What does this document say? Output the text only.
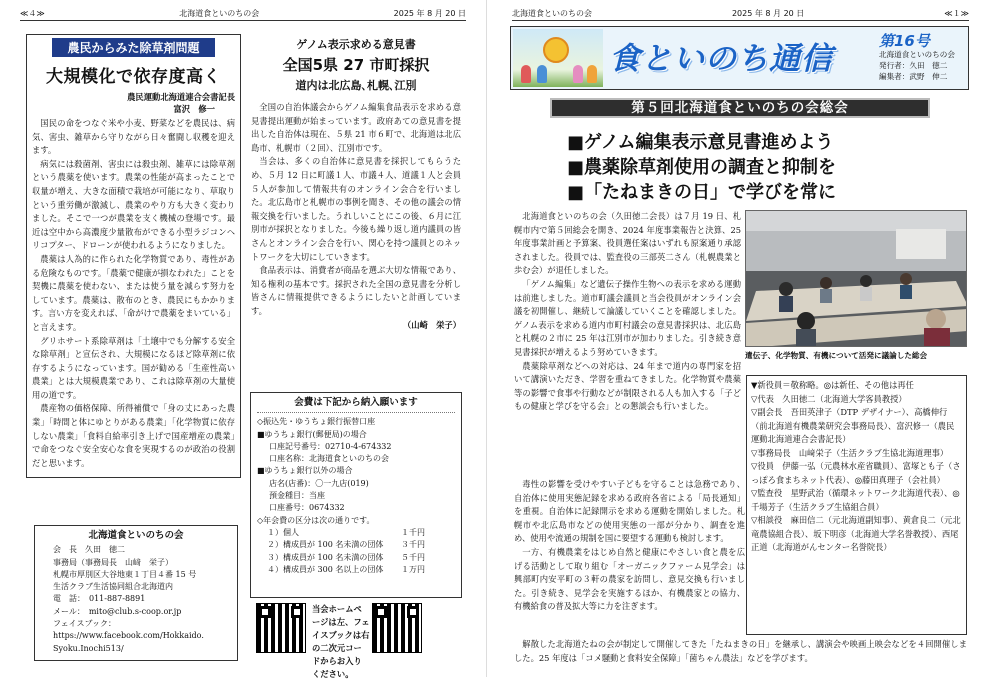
≪４≫	北海道食といのちの会	2025 年 8 月 20 日
農民からみた除草剤問題
大規模化で依存度高く

農民運動北海道連合会書記長

富沢　修一

国民の命をつなぐ米や小麦、野菜などを農民は、病気、害虫、雑草から守りながら日々奮闘し収穫を迎えます。

病気には殺菌剤、害虫には殺虫剤、雑草には除草剤という農薬を使います。農業の性能が高まったことで収量が増え、大きな面積で栽培が可能になり、草取りという重労働が激減し、農業のやり方も大きく変わりました。そこで一つが農業を支く機械の登場です。最近は空中から高濃度少量散布ができる小型ラジコンヘリコプター、ドローンが使われるようになりました。

農薬は人為的に作られた化学物質であり、毒性がある危険なものです。「農薬で健康が損なわれた」ことを契機に農薬を使わない、または使う量を減らす努力をしています。農薬は、散布のとき、農民にもかかります。言い方を変えれば、「命がけで農薬をまいている」と言えます。

グリホサート系除草剤は「土壌中でも分解する安全な除草剤」と宣伝され、大規模になるほど除草剤に依存するようになっています。国が勧める「生産性高い農業」とは大規模農業であり、これは除草剤の大量使用の道です。

農産物の価格保障、所得補償で「身の丈にあった農業」「時間と体にゆとりがある農業」「化学物質に依存しない農業」「食料自給率引き上げで国産増産の農業」で命をつなぐ安全安心な食を実現するのが政治の役割だと思います。

北海道食といのちの会

会　長　久田　徳二

事務局（事務局長　山﨑　栄子）

札幌市厚別区大谷地東１丁目４番 15 号

生活クラブ生活協同組合北海道内

電　話：　011-887-8891

メール：　mito@club.s-coop.or.jp

フェイスブック：

https://www.facebook.com/Hokkaido.

Syoku.Inochi513/

ゲノム表示求める意見書

全国5県 27 市町採択

道内は北広島､札幌､江別

全国の自治体議会からゲノム編集食品表示を求める意見書提出運動が始まっています。政府あての意見書を提出した自治体は現在、５県 21 市６町で、北海道は北広島市、札幌市（２回）、江別市です。

当会は、多くの自治体に意見書を採択してもらうため、５月 12 日に町議１人、市議４人、道議１人と会員５人が参加して情報共有のオンライン会合を行いました。北広島市と札幌市の事例を聞き、その他の議会の情報交換を行いました。うれしいことにこの後、６月に江別市が採択となりました。今後も繰り返し道内議員の皆さんとオンライン会合を行い、関心を持つ議員とのネットワークを大切にしていきます。

食品表示は、消費者が商品を選ぶ大切な情報であり、知る権利の基本です。採択された全国の意見書を分析し皆さんに情報提供できるようにしたいと計画しています。

（山崎　栄子）

会費は下記から納入願います

◇振込先・ゆうちょ銀行振替口座

■ゆうちょ銀行(郵便局)の場合

口座記号番号：02710-4-674332

口座名称：北海道食といのちの会

■ゆうちょ銀行以外の場合

店名(店番)：〇一九店(019)

預金種目：当座

口座番号：0674332

◇年会費の区分は次の通りです。

１）個人	１千円
２）構成員が 100 名未満の団体 ３千円
３）構成員が 100 名未満の団体 ５千円
４）構成員が 300 名以上の団体 １万円
当会ホームページは左、フェイスブックは右の二次元コードからお入りください。
北海道食といのちの会	2025 年 8 月 20 日	≪１≫
食といのち通信	第16号

北海道食といのちの会

発行者：久田　徳二

編集者：武野　伸二

第５回北海道食といのちの会総会

■ゲノム編集表示意見書進めよう

■農薬除草剤使用の調査と抑制を

■「たねまきの日」で学びを常に

北海道食といのちの会（久田徳二会長）は７月 19 日、札幌市内で第５回総会を開き、2024 年度事業報告と決算、25 年度事業計画と予算案、役員選任案はいずれも原案通り承認されました。役員では、監査役の三部英二さん（札幌農業と歩む会）が退任しました。

「ゲノム編集」など遺伝子操作生物への表示を求める運動は前進しました。道市町議会議員と当会役員がオンライン会議を初開催し、継続して論議していくことを確認しました。ゲノム表示を求める道内市町村議会の意見書採択は、北広島と札幌の２市に 25 年は江別市が加わりました。引き続き意見書採択が増えるよう努めていきます。

農薬除草剤などへの対応は、24 年まで道内の専門家を招いて講演いただき、学習を重ねてきました。化学物質や農薬等の影響で食事や行動などが制限される人も加入する「子どもの健康と学びを守る会」との懇談会も行いました。

遺伝子、化学物質、有機について活発に議論した総会

▼新役員＝敬称略。◎は新任、その他は再任

▽代表　久田徳二（北海道大学客員教授）

▽副会長　吾田英津子（DTP デザイナー）、高橋伸行（前北海道有機農業研究会事務局長）、富沢修一（農民運動北海道連合会書記長）

▽事務局長　山﨑栄子（生活クラブ生協北海道理事）

▽役員　伊藤一弘（元農林水産省職員）、富塚とも子（さっぽろ食まちネット代表）、◎藤田真理子（会社員）

▽監査役　星野武治（循環ネットワーク北海道代表）、◎千場芳子（生活クラブ生協組合員）

▽相談役　麻田信二（元北海道副知事）、黄倉良二（元北竜農協組合長）、坂下明彦（北海道大学名誉教授）、西尾正道（北海道がんセンター名誉院長）

毒性の影響を受けやすい子どもを守ることは急務であり、自治体に使用実態記録を求める政府各省による「局長通知」を重視。自治体に記録開示を求める運動を開始しました。札幌市や北広島市などの使用実態の一部が分かり、調査を進め、使用や流通の規制を国に要望する運動も検討します。

一方、有機農業をはじめ自然と健康にやさしい食と農を広げる活動として取り組む「オーガニックファーム見学会」は興部町内安平町の３軒の農家を訪問し、意見交換も行いました。引き続き、見学会を実施するほか、有機農家との協力、有機給食の普及拡大等に力を注ぎます。

解散した北海道たねの会が制定して開催してきた「たねまきの日」を継承し、講演会や映画上映会などを４回開催しました。25 年度は「コメ騒動と食料安全保障」「菌ちゃん農法」などを学びます。
